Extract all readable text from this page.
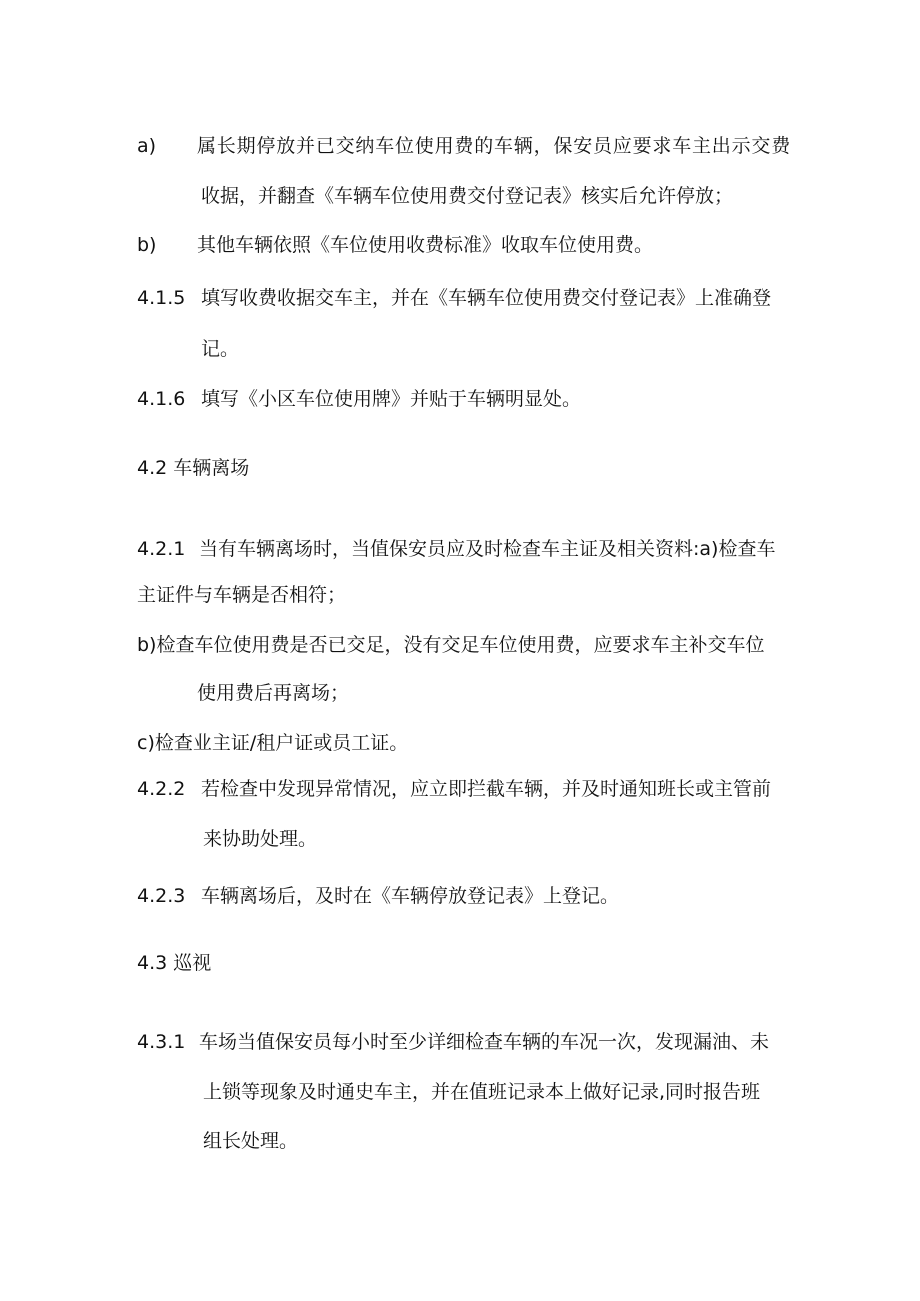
a) 属长期停放并已交纳车位使用费的车辆，保安员应要求车主出示交费
收据，并翻查《车辆车位使用费交付登记表》核实后允许停放；
b) 其他车辆依照《车位使用收费标准》收取车位使用费。
4.1.5 填写收费收据交车主，并在《车辆车位使用费交付登记表》上准确登
记。
4.1.6 填写《小区车位使用牌》并贴于车辆明显处。
4.2 车辆离场
4.2.1 当有车辆离场时，当值保安员应及时检查车主证及相关资料:a)检查车
主证件与车辆是否相符；
b)检查车位使用费是否已交足，没有交足车位使用费，应要求车主补交车位
使用费后再离场；
c)检查业主证/租户证或员工证。
4.2.2 若检查中发现异常情况，应立即拦截车辆，并及时通知班长或主管前
来协助处理。
4.2.3 车辆离场后，及时在《车辆停放登记表》上登记。
4.3 巡视
4.3.1 车场当值保安员每小时至少详细检查车辆的车况一次，发现漏油、未
上锁等现象及时通史车主，并在值班记录本上做好记录,同时报告班
组长处理。
